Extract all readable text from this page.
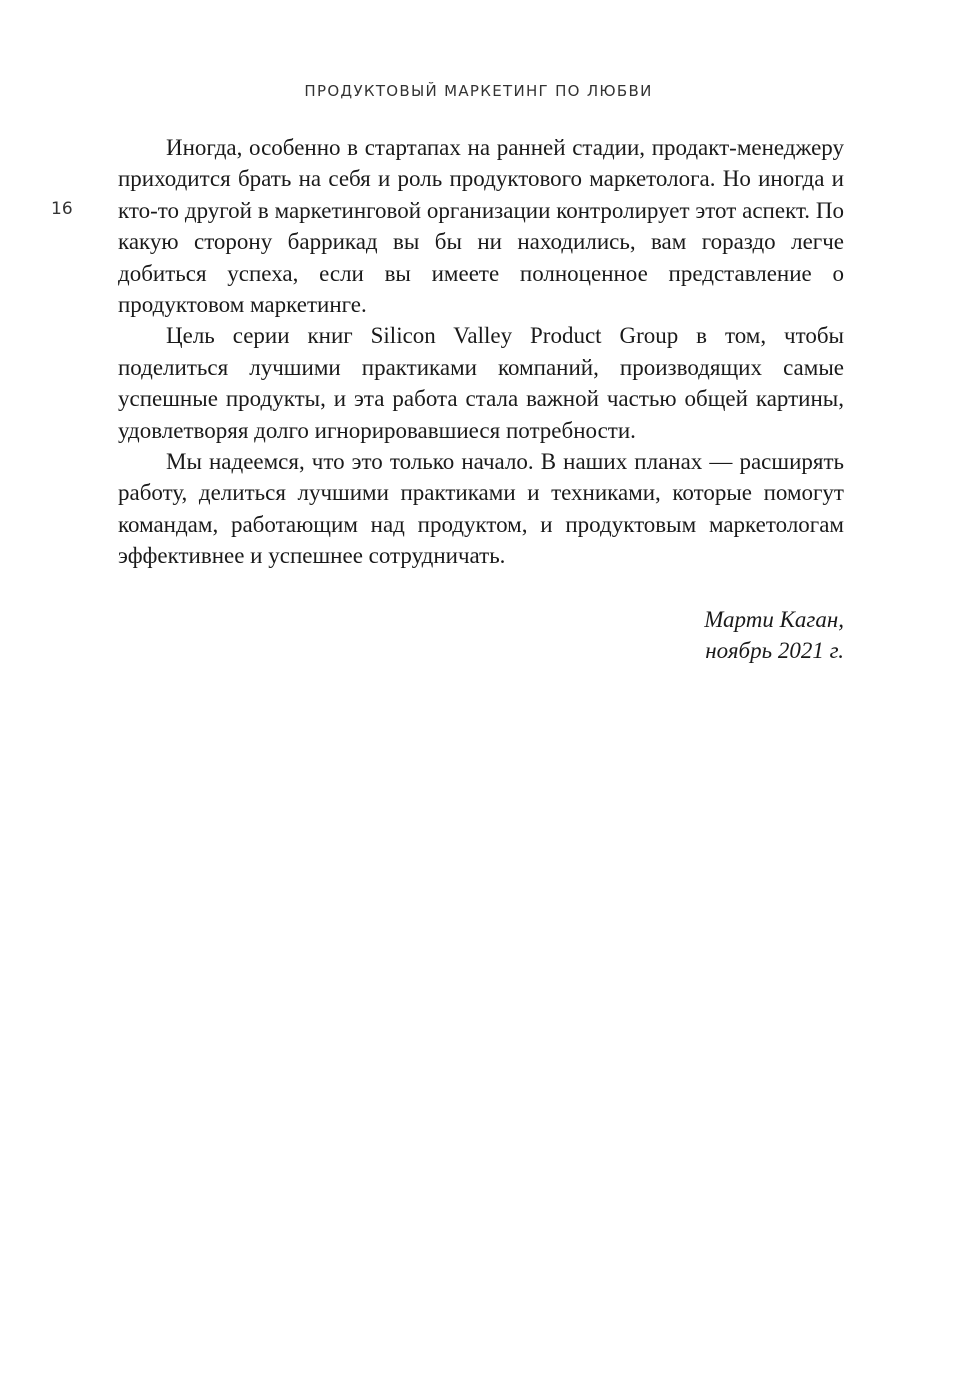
ПРОДУКТОВЫЙ МАРКЕТИНГ ПО ЛЮБВИ
16

Иногда, особенно в стартапах на ранней стадии, продакт-менеджеру приходится брать на себя и роль продуктового маркетолога. Но иногда и кто-то другой в маркетинговой организации контролирует этот аспект. По какую сторону баррикад вы бы ни находились, вам гораздо легче добиться успеха, если вы имеете полноценное представление о продуктовом маркетинге.

Цель серии книг Silicon Valley Product Group в том, чтобы поделиться лучшими практиками компаний, производящих самые успешные продукты, и эта работа стала важной частью общей картины, удовлетворяя долго игнорировавшиеся потребности.

Мы надеемся, что это только начало. В наших планах — расширять работу, делиться лучшими практиками и техниками, которые помогут командам, работающим над продуктом, и продуктовым маркетологам эффективнее и успешнее сотрудничать.

Марти Каган,
ноябрь 2021 г.
